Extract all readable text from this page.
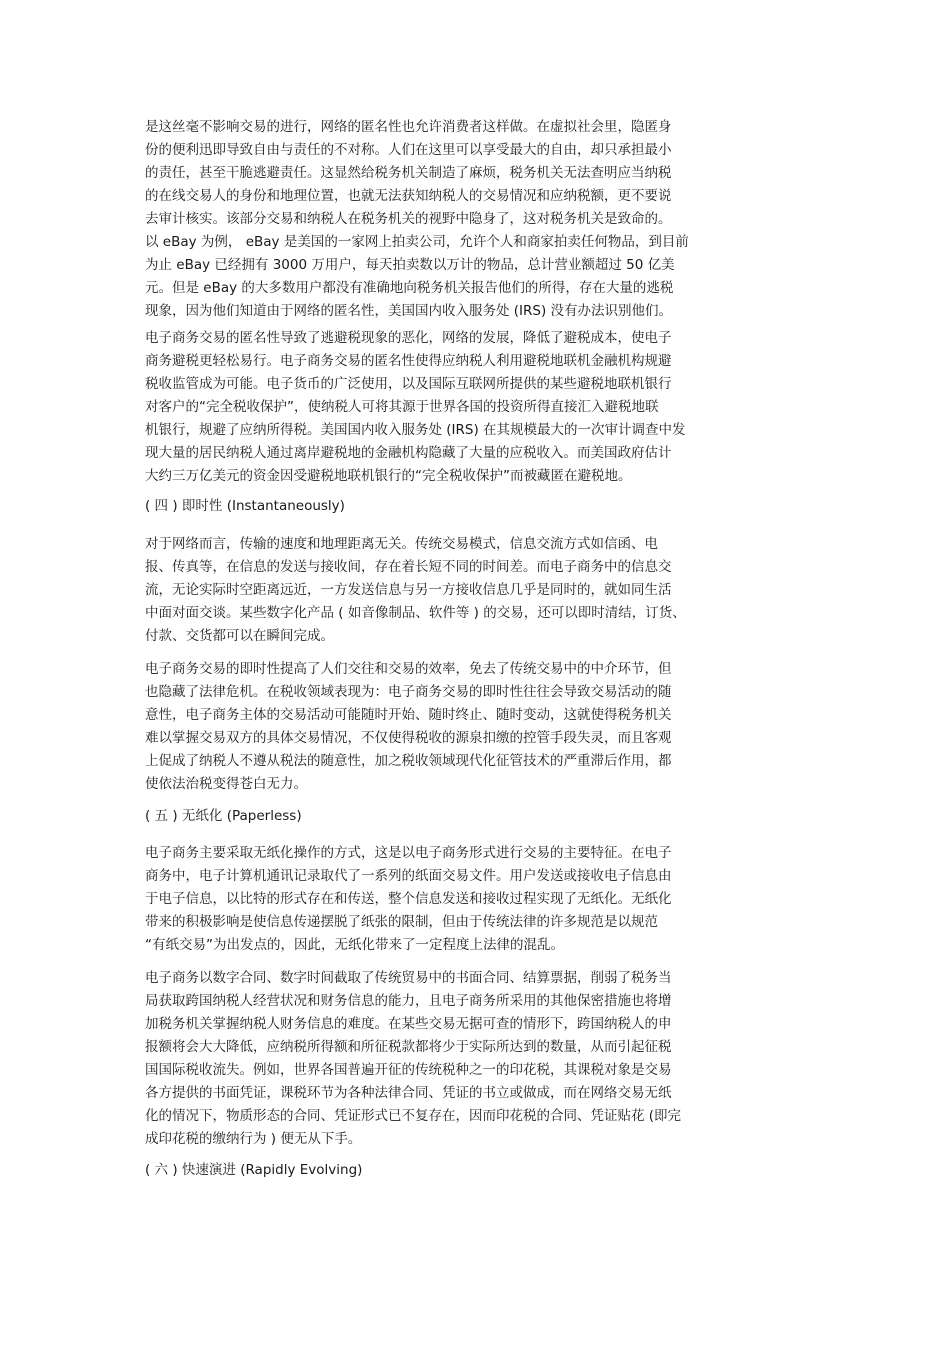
是这丝毫不影响交易的进行，网络的匿名性也允许消费者这样做。在虚拟社会里，隐匿身
份的便利迅即导致自由与责任的不对称。人们在这里可以享受最大的自由，却只承担最小
的责任，甚至干脆逃避责任。这显然给税务机关制造了麻烦，税务机关无法查明应当纳税
的在线交易人的身份和地理位置，也就无法获知纳税人的交易情况和应纳税额，更不要说
去审计核实。该部分交易和纳税人在税务机关的视野中隐身了，这对税务机关是致命的。
以 eBay 为例， eBay 是美国的一家网上拍卖公司，允许个人和商家拍卖任何物品，到目前
为止 eBay 已经拥有 3000 万用户，每天拍卖数以万计的物品，总计营业额超过 50 亿美
元。但是 eBay 的大多数用户都没有准确地向税务机关报告他们的所得，存在大量的逃税
现象，因为他们知道由于网络的匿名性，美国国内收入服务处 (IRS) 没有办法识别他们。
电子商务交易的匿名性导致了逃避税现象的恶化，网络的发展，降低了避税成本，使电子
商务避税更轻松易行。电子商务交易的匿名性使得应纳税人利用避税地联机金融机构规避
税收监管成为可能。电子货币的广泛使用，以及国际互联网所提供的某些避税地联机银行
对客户的“完全税收保护”，使纳税人可将其源于世界各国的投资所得直接汇入避税地联
机银行，规避了应纳所得税。美国国内收入服务处 (IRS) 在其规模最大的一次审计调查中发
现大量的居民纳税人通过离岸避税地的金融机构隐藏了大量的应税收入。而美国政府估计
大约三万亿美元的资金因受避税地联机银行的“完全税收保护”而被藏匿在避税地。
( 四 ) 即时性 (Instantaneously)
对于网络而言，传输的速度和地理距离无关。传统交易模式，信息交流方式如信函、电
报、传真等，在信息的发送与接收间，存在着长短不同的时间差。而电子商务中的信息交
流，无论实际时空距离远近，一方发送信息与另一方接收信息几乎是同时的，就如同生活
中面对面交谈。某些数字化产品 ( 如音像制品、软件等 ) 的交易，还可以即时清结，订货、
付款、交货都可以在瞬间完成。
电子商务交易的即时性提高了人们交往和交易的效率，免去了传统交易中的中介环节，但
也隐藏了法律危机。在税收领域表现为：电子商务交易的即时性往往会导致交易活动的随
意性，电子商务主体的交易活动可能随时开始、随时终止、随时变动，这就使得税务机关
难以掌握交易双方的具体交易情况，不仅使得税收的源泉扣缴的控管手段失灵，而且客观
上促成了纳税人不遵从税法的随意性，加之税收领域现代化征管技术的严重滞后作用，都
使依法治税变得苍白无力。
( 五 ) 无纸化 (Paperless)
电子商务主要采取无纸化操作的方式，这是以电子商务形式进行交易的主要特征。在电子
商务中，电子计算机通讯记录取代了一系列的纸面交易文件。用户发送或接收电子信息由
于电子信息，以比特的形式存在和传送，整个信息发送和接收过程实现了无纸化。无纸化
带来的积极影响是使信息传递摆脱了纸张的限制，但由于传统法律的许多规范是以规范
“有纸交易”为出发点的，因此，无纸化带来了一定程度上法律的混乱。
电子商务以数字合同、数字时间截取了传统贸易中的书面合同、结算票据，削弱了税务当
局获取跨国纳税人经营状况和财务信息的能力，且电子商务所采用的其他保密措施也将增
加税务机关掌握纳税人财务信息的难度。在某些交易无据可查的情形下，跨国纳税人的申
报额将会大大降低，应纳税所得额和所征税款都将少于实际所达到的数量，从而引起征税
国国际税收流失。例如，世界各国普遍开征的传统税种之一的印花税，其课税对象是交易
各方提供的书面凭证，课税环节为各种法律合同、凭证的书立或做成，而在网络交易无纸
化的情况下，物质形态的合同、凭证形式已不复存在，因而印花税的合同、凭证贴花 (即完
成印花税的缴纳行为 ) 便无从下手。
( 六 ) 快速演进 (Rapidly Evolving)
